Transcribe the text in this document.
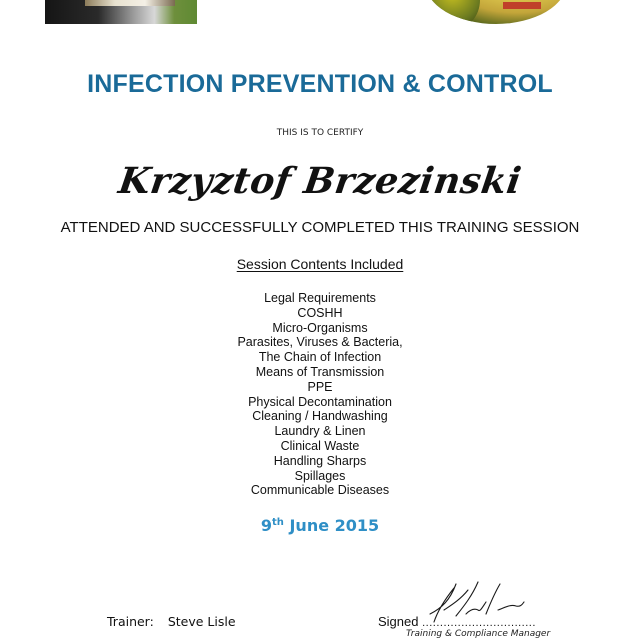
INFECTION PREVENTION & CONTROL
THIS IS TO CERTIFY
Krzyztof Brzezinski
ATTENDED AND SUCCESSFULLY COMPLETED THIS TRAINING SESSION
Session Contents Included
Legal Requirements
COSHH
Micro-Organisms
Parasites, Viruses & Bacteria,
The Chain of Infection
Means of Transmission
PPE
Physical Decontamination
Cleaning / Handwashing
Laundry & Linen
Clinical Waste
Handling Sharps
Spillages
Communicable Diseases
9th June 2015
Trainer: Steve Lisle	Signed ................................
Training & Compliance Manager
